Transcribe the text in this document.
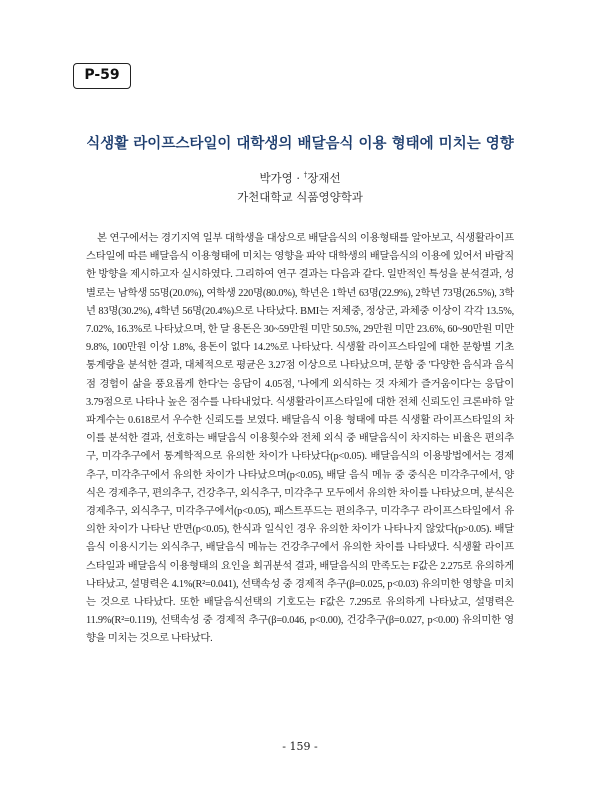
P-59
식생활 라이프스타일이 대학생의 배달음식 이용 형태에 미치는 영향
박가영 · †장재선
가천대학교 식품영양학과
본 연구에서는 경기지역 일부 대학생을 대상으로 배달음식의 이용형태를 알아보고, 식생활라이프스타일에 따른 배달음식 이용형태에 미치는 영향을 파악 대학생의 배달음식의 이용에 있어서 바람직한 방향을 제시하고자 실시하였다. 그리하여 연구 결과는 다음과 같다. 일반적인 특성을 분석결과, 성별로는 남학생 55명(20.0%), 여학생 220명(80.0%), 학년은 1학년 63명(22.9%), 2학년 73명(26.5%), 3학년 83명(30.2%), 4학년 56명(20.4%)으로 나타났다. BMI는 저체중, 정상군, 과체중 이상이 각각 13.5%, 7.02%, 16.3%로 나타났으며, 한 달 용돈은 30~59만원 미만 50.5%, 29만원 미만 23.6%, 60~90만원 미만 9.8%, 100만원 이상 1.8%, 용돈이 없다 14.2%로 나타났다. 식생활 라이프스타일에 대한 문항별 기초통계량을 분석한 결과, 대체적으로 평균은 3.27점 이상으로 나타났으며, 문항 중 '다양한 음식과 음식점 경험이 삶을 풍요롭게 한다'는 응답이 4.05점, '나에게 외식하는 것 자체가 즐거움이다'는 응답이 3.79점으로 나타나 높은 점수를 나타내었다. 식생활라이프스타일에 대한 전체 신뢰도인 크론바하 알파계수는 0.618로서 우수한 신뢰도를 보였다. 배달음식 이용 형태에 따른 식생활 라이프스타일의 차이를 분석한 결과, 선호하는 배달음식 이용횟수와 전체 외식 중 배달음식이 차지하는 비율은 편의추구, 미각추구에서 통계학적으로 유의한 차이가 나타났다(p<0.05). 배달음식의 이용방법에서는 경제추구, 미각추구에서 유의한 차이가 나타났으며(p<0.05), 배달 음식 메뉴 중 중식은 미각추구에서, 양식은 경제추구, 편의추구, 건강추구, 외식추구, 미각추구 모두에서 유의한 차이를 나타났으며, 분식은 경제추구, 외식추구, 미각추구에서(p<0.05), 패스트푸드는 편의추구, 미각추구 라이프스타일에서 유의한 차이가 나타난 반면(p<0.05), 한식과 일식인 경우 유의한 차이가 나타나지 않았다(p>0.05). 배달음식 이용시기는 외식추구, 배달음식 메뉴는 건강추구에서 유의한 차이를 나타냈다. 식생활 라이프스타일과 배달음식 이용형태의 요인을 회귀분석 결과, 배달음식의 만족도는 F값은 2.275로 유의하게 나타났고, 설명력은 4.1%(R²=0.041), 선택속성 중 경제적 추구(β=0.025, p<0.03) 유의미한 영향을 미치는 것으로 나타났다. 또한 배달음식선택의 기호도는 F값은 7.295로 유의하게 나타났고, 설명력은 11.9%(R²=0.119), 선택속성 중 경제적 추구(β=0.046, p<0.00), 건강추구(β=0.027, p<0.00) 유의미한 영향을 미치는 것으로 나타났다.
- 159 -
